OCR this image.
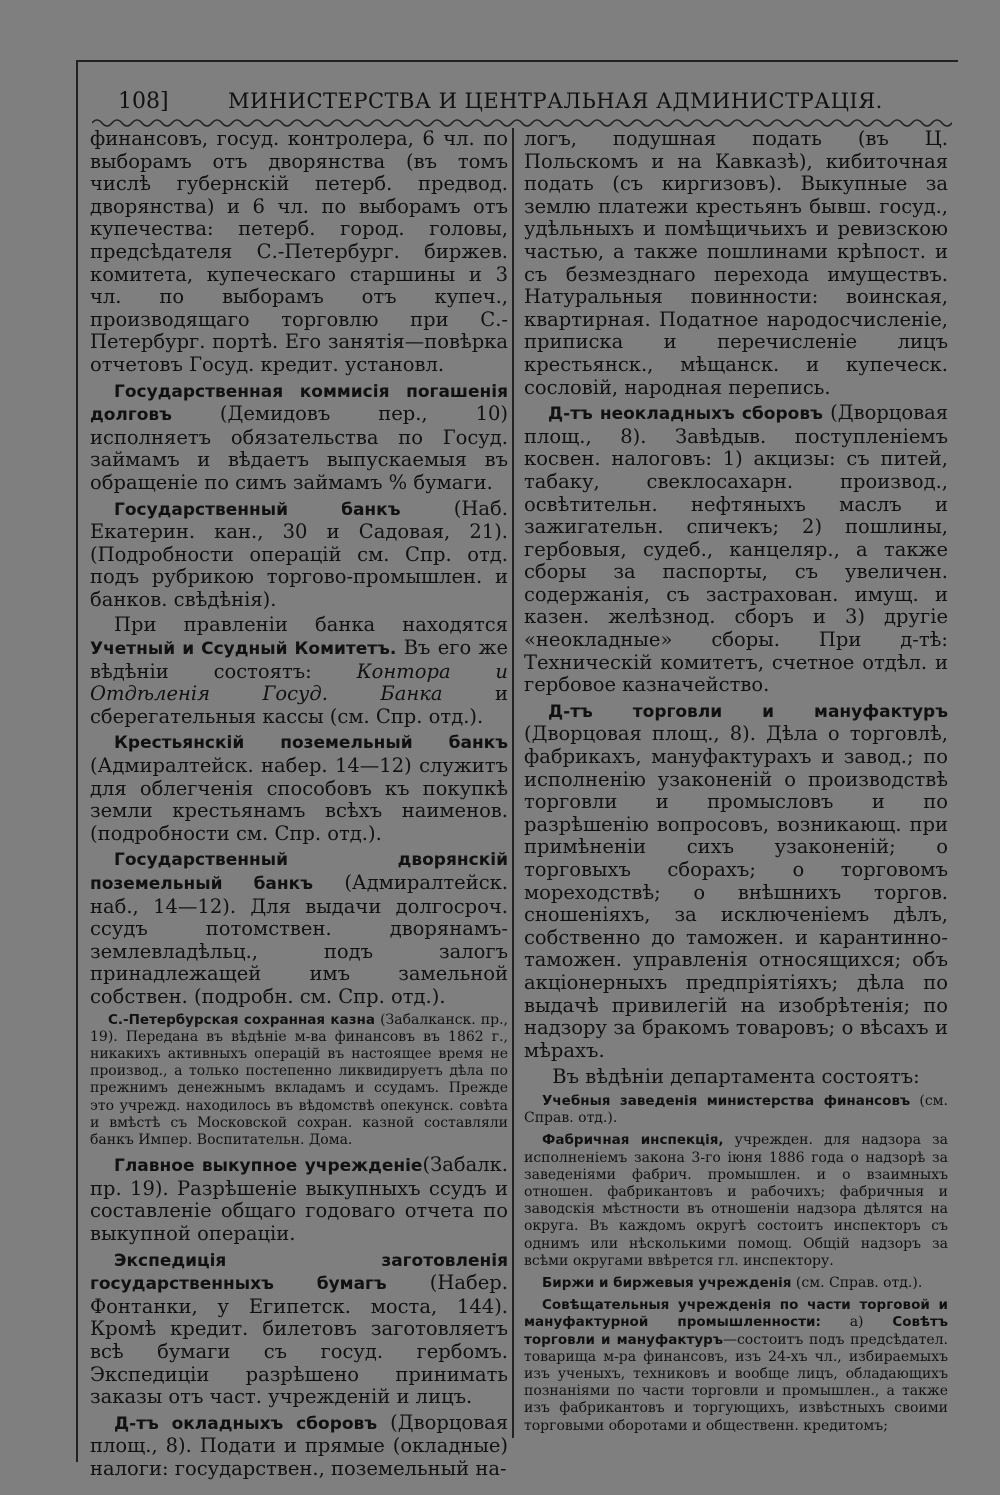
108]	МИНИСТЕРСТВА И ЦЕНТРАЛЬНАЯ АДМИНИСТРАЦІЯ.

финансовъ, госуд. контролера, 6 чл. по выборамъ отъ дворянства (въ томъ числѣ губернскій петерб. предвод. дворянства) и 6 чл. по выборамъ отъ купечества: петерб. город. головы, предсѣдателя С.-Петербург. биржев. комитета, купеческаго старшины и 3 чл. по выборамъ отъ купеч., производящаго торговлю при С.-Петербург. портѣ. Его занятія—повѣрка отчетовъ Госуд. кредит. установл.

Государственная коммисія погашенія долговъ (Демидовъ пер., 10) исполняетъ обязательства по Госуд. займамъ и вѣдаетъ выпускаемыя въ обращеніе по симъ займамъ % бумаги.

Государственный банкъ (Наб. Екатерин. кан., 30 и Садовая, 21). (Подробности операцій см. Спр. отд. подъ рубрикою торгово-промышлен. и банков. свѣдѣнія).

При правленіи банка находятся Учетный и Ссудный Комитетъ. Въ его же вѣдѣніи состоятъ: Контора и Отдѣленія Госуд. Банка и сберегательныя кассы (см. Спр. отд.).

Крестьянскій поземельный банкъ (Адмиралтейск. набер. 14—12) служитъ для облегченія способовъ къ покупкѣ земли крестьянамъ всѣхъ наименов. (подробности см. Спр. отд.).

Государственный дворянскій поземельный банкъ (Адмиралтейск. наб., 14—12). Для выдачи долгосроч. ссудъ потомствен. дворянамъ-землевладѣльц., подъ залогъ принадлежащей имъ замельной собствен. (подробн. см. Спр. отд.).

С.-Петербурская сохранная казна (Забалканск. пр., 19). Передана въ вѣдѣніе м-ва финансовъ въ 1862 г., никакихъ активныхъ операцій въ настоящее время не производ., а только постепенно ликвидируетъ дѣла по прежнимъ денежнымъ вкладамъ и ссудамъ. Прежде это учрежд. находилось въ вѣдомствѣ опекунск. совѣта и вмѣстѣ съ Московской сохран. казной составляли банкъ Импер. Воспитательн. Дома.

Главное выкупное учрежденіе(Забалк. пр. 19). Разрѣшеніе выкупныхъ ссудъ и составленіе общаго годоваго отчета по выкупной операціи.

Экспедиція заготовленія государственныхъ бумагъ (Набер. Фонтанки, у Египетск. моста, 144). Кромѣ кредит. билетовъ заготовляетъ всѣ бумаги съ госуд. гербомъ. Экспедиціи разрѣшено принимать заказы отъ част. учрежденій и лицъ.

Д-тъ окладныхъ сборовъ (Дворцовая площ., 8). Подати и прямые (окладные) налоги: государствен., поземельный на-

логъ, подушная подать (въ Ц. Польскомъ и на Кавказѣ), кибиточная подать (съ киргизовъ). Выкупные за землю платежи крестьянъ бывш. госуд., удѣльныхъ и помѣщичьихъ и ревизскою частью, а также пошлинами крѣпост. и съ безмезднаго перехода имуществъ. Натуральныя повинности: воинская, квартирная. Податное народосчисленіе, приписка и перечисленіе лицъ крестьянск., мѣщанск. и купеческ. сословій, народная перепись.

Д-тъ неокладныхъ сборовъ (Дворцовая площ., 8). Завѣдыв. поступленіемъ косвен. налоговъ: 1) акцизы: съ питей, табаку, свеклосахарн. производ., освѣтительн. нефтяныхъ маслъ и зажигательн. спичекъ; 2) пошлины, гербовыя, судеб., канцеляр., а также сборы за паспорты, съ увеличен. содержанія, съ застрахован. имущ. и казен. желѣзнод. сборъ и 3) другіе «неокладные» сборы. При д-тѣ: Техническій комитетъ, счетное отдѣл. и гербовое казначейство.

Д-тъ торговли и мануфактуръ (Дворцовая площ., 8). Дѣла о торговлѣ, фабрикахъ, мануфактурахъ и завод.; по исполненію узаконеній о производствѣ торговли и промысловъ и по разрѣшенію вопросовъ, возникающ. при примѣненіи сихъ узаконеній; о торговыхъ сборахъ; о торговомъ мореходствѣ; о внѣшнихъ торгов. сношеніяхъ, за исключеніемъ дѣлъ, собственно до таможен. и карантинно-таможен. управленія относящихся; объ акціонерныхъ предпріятіяхъ; дѣла по выдачѣ привилегій на изобрѣтенія; по надзору за бракомъ товаровъ; о вѣсахъ и мѣрахъ.

Въ вѣдѣніи департамента состоятъ:

Учебныя заведенія министерства финансовъ (см. Справ. отд.).

Фабричная инспекція, учрежден. для надзора за исполненіемъ закона 3-го іюня 1886 года о надзорѣ за заведеніями фабрич. промышлен. и о взаимныхъ отношен. фабрикантовъ и рабочихъ; фабричныя и заводскія мѣстности въ отношеніи надзора дѣлятся на округа. Въ каждомъ округѣ состоитъ инспекторъ съ однимъ или нѣсколькими помощ. Общій надзоръ за всѣми округами ввѣрется гл. инспектору.

Биржи и биржевыя учрежденія (см. Справ. отд.).

Совѣщательныя учрежденія по части торговой и мануфактурной промышленности: а) Совѣтъ торговли и мануфактуръ—состоитъ подъ предсѣдател. товарища м-ра финансовъ, изъ 24-хъ чл., избираемыхъ изъ ученыхъ, техниковъ и вообще лицъ, обладающихъ познаніями по части торговли и промышлен., а также изъ фабрикантовъ и торгующихъ, извѣстныхъ своими торговыми оборотами и общественн. кредитомъ;
